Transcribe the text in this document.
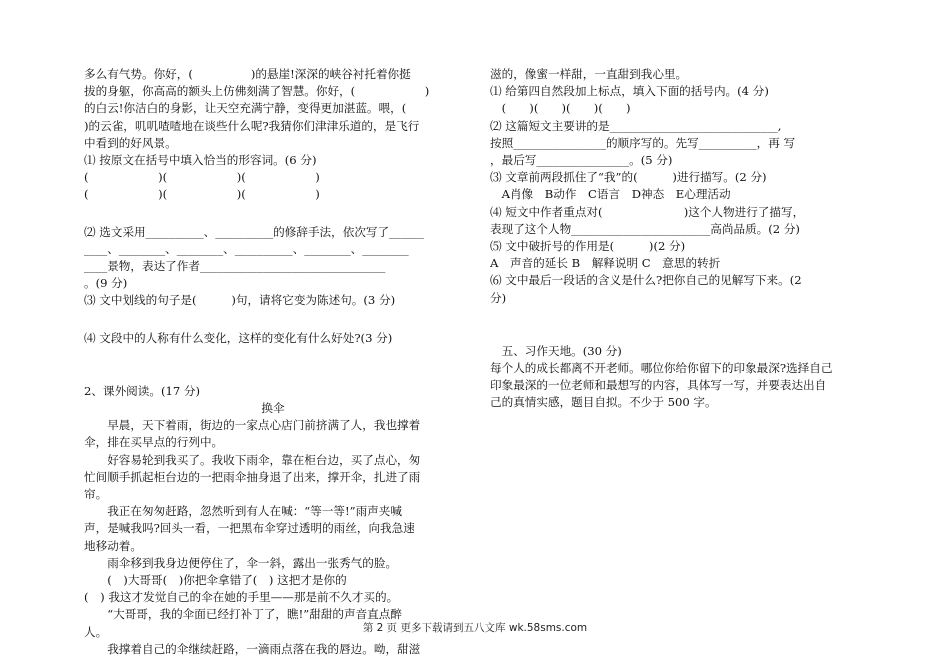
多么有气势。你好，(　　　　　)的悬崖!深深的峡谷衬托着你挺
拔的身躯，你高高的额头上仿佛刻满了智慧。你好，(　　　　　　)
的白云!你洁白的身影，让天空充满宁静，变得更加湛蓝。喂，(
)的云雀，叽叽喳喳地在谈些什么呢?我猜你们津津乐道的，是飞行
中看到的好风景。
⑴ 按原文在括号中填入恰当的形容词。(6 分)
(　　　　　　)(　　　　　　)(　　　　　　)
(　　　　　　)(　　　　　　)(　　　　　　)
⑵ 选文采用__________、__________的修辞手法，依次写了______
____、________、________、__________、________、________
____景物，表达了作者________________________________
。(9 分)
⑶ 文中划线的句子是(　　　)句，请将它变为陈述句。(3 分)
⑷ 文段中的人称有什么变化，这样的变化有什么好处?(3 分)
2、课外阅读。(17 分)
换伞
　　早晨，天下着雨，街边的一家点心店门前挤满了人，我也撑着
伞，排在买早点的行列中。
　　好容易轮到我买了。我收下雨伞，靠在柜台边，买了点心，匆
忙间顺手抓起柜台边的一把雨伞抽身退了出来，撑开伞，扎进了雨
帘。
　　我正在匆匆赶路，忽然听到有人在喊：“等一等!”雨声夹喊
声，是喊我吗?回头一看，一把黑布伞穿过透明的雨丝，向我急速
地移动着。
　　雨伞移到我身边便停住了，伞一斜，露出一张秀气的脸。
　　(　)大哥哥(　)你把伞拿错了(　) 这把才是你的
(　) 我这才发觉自己的伞在她的手里——那是前不久才买的。
　　“大哥哥，我的伞面已经打补丁了，瞧!”甜甜的声音直点醉
人。
　　我撑着自己的伞继续赶路，一滴雨点落在我的唇边。呦，甜滋
滋的，像蜜一样甜，一直甜到我心里。
⑴ 给第四自然段加上标点，填入下面的括号内。(4 分)
　(　　)(　　)(　　)(　　)
⑵ 这篇短文主要讲的是_____________________________,
按照________________的顺序写的。先写__________，再 写
，最后写________________。(5 分)
⑶ 文章前两段抓住了“我”的(　　　)进行描写。(2 分)
　A肖像　B动作　C语言　D神态　E心理活动
⑷ 短文中作者重点对(　　　　　　　)这个人物进行了描写，
表现了这个人物________________________高尚品质。(2 分)
⑸ 文中破折号的作用是(　　　)(2 分)
A　声音的延长 B　解释说明 C　意思的转折
⑹ 文中最后一段话的含义是什么?把你自己的见解写下来。(2
分)
　五、习作天地。(30 分)
每个人的成长都离不开老师。哪位你给你留下的印象最深?选择自己
印象最深的一位老师和最想写的内容，具体写一写，并要表达出自
己的真情实感，题目自拟。不少于 500 字。
第 2 页 更多下载请到五八文库 wk.58sms.com
